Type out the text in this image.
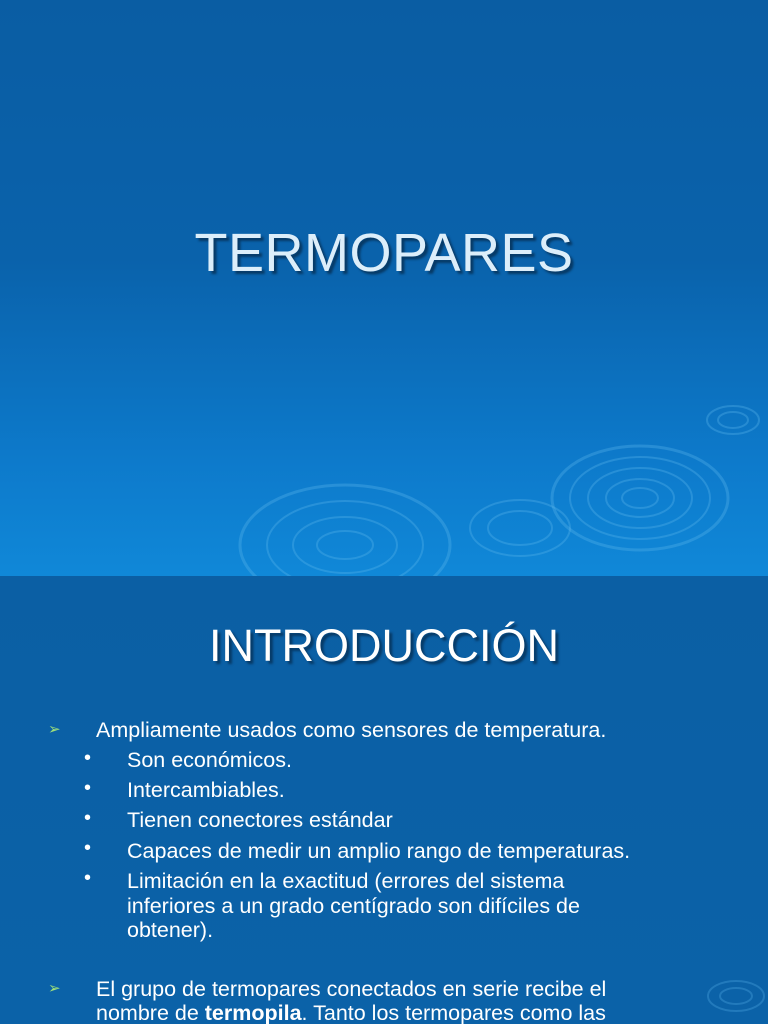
TERMOPARES
INTRODUCCIÓN
➢ Ampliamente usados como sensores de temperatura.
• Son económicos.
• Intercambiables.
• Tienen conectores estándar
• Capaces de medir un amplio rango de temperaturas.
• Limitación en la exactitud (errores del sistema
inferiores a un grado centígrado son difíciles de
obtener).
➢ El grupo de termopares conectados en serie recibe el
nombre de termopila. Tanto los termopares como las
